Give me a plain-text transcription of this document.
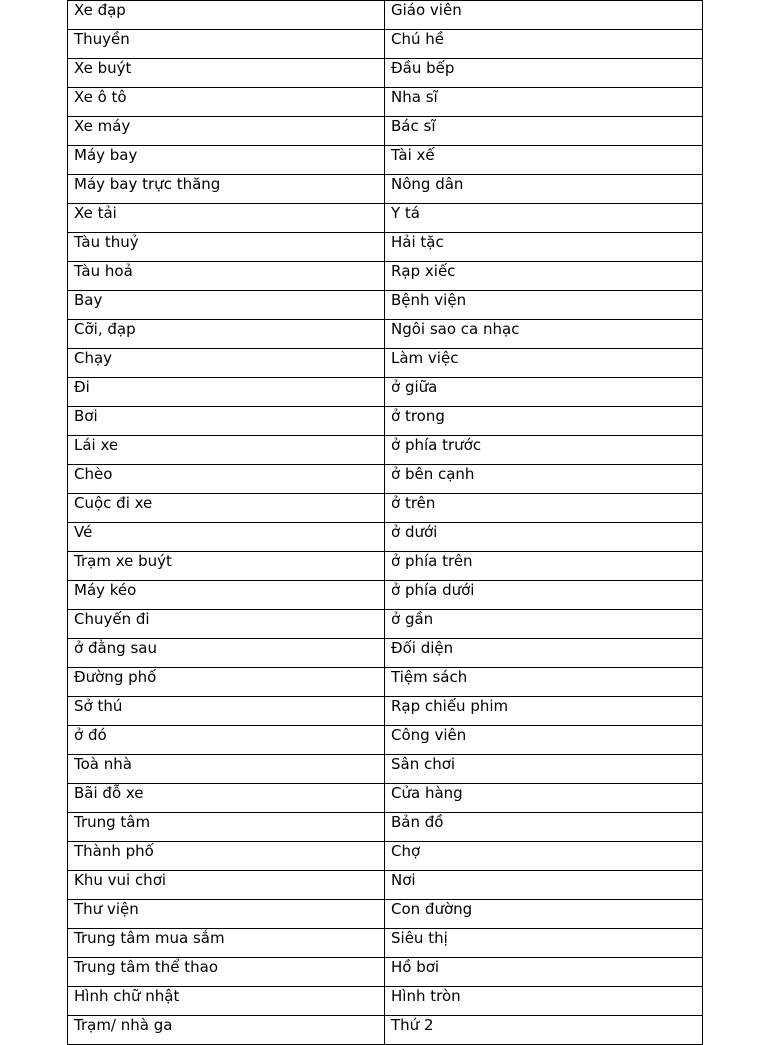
Xe đạp	Giáo viên
Thuyền	Chú hề
Xe buýt	Đầu bếp
Xe ô tô	Nha sĩ
Xe máy	Bác sĩ
Máy bay	Tài xế
Máy bay trực thăng	Nông dân
Xe tải	Y tá
Tàu thuỷ	Hải tặc
Tàu hoả	Rạp xiếc
Bay	Bệnh viện
Cỡi, đạp	Ngôi sao ca nhạc
Chạy	Làm việc
Đi	ở giữa
Bơi	ở trong
Lái xe	ở phía trước
Chèo	ở bên cạnh
Cuộc đi xe	ở trên
Vé	ở dưới
Trạm xe buýt	ở phía trên
Máy kéo	ở phía dưới
Chuyến đi	ở gần
ở đằng sau	Đối diện
Đường phố	Tiệm sách
Sở thú	Rạp chiếu phim
ở đó	Công viên
Toà nhà	Sân chơi
Bãi đỗ xe	Cửa hàng
Trung tâm	Bản đồ
Thành phố	Chợ
Khu vui chơi	Nơi
Thư viện	Con đường
Trung tâm mua sắm	Siêu thị
Trung tâm thể thao	Hồ bơi
Hình chữ nhật	Hình tròn
Trạm/ nhà ga	Thứ 2
